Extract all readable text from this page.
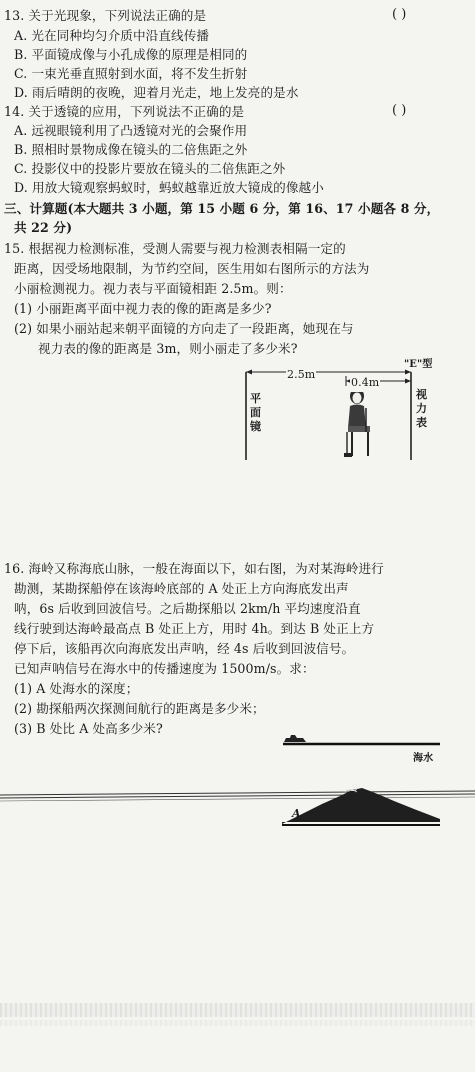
13. 关于光现象，下列说法正确的是	( )
A. 光在同种均匀介质中沿直线传播
B. 平面镜成像与小孔成像的原理是相同的
C. 一束光垂直照射到水面，将不发生折射
D. 雨后晴朗的夜晚，迎着月光走，地上发亮的是水
14. 关于透镜的应用，下列说法不正确的是	( )
A. 远视眼镜利用了凸透镜对光的会聚作用
B. 照相时景物成像在镜头的二倍焦距之外
C. 投影仪中的投影片要放在镜头的二倍焦距之外
D. 用放大镜观察蚂蚁时，蚂蚁越靠近放大镜成的像越小
三、计算题(本大题共 3 小题，第 15 小题 6 分，第 16、17 小题各 8 分，
共 22 分)
15. 根据视力检测标准，受测人需要与视力检测表相隔一定的
距离，因受场地限制，为节约空间，医生用如右图所示的方法为
小丽检测视力。视力表与平面镜相距 2.5m。则：
(1) 小丽距离平面中视力表的像的距离是多少?
(2) 如果小丽站起来朝平面镜的方向走了一段距离，她现在与
视力表的像的距离是 3m，则小丽走了多少米?
2.5m
0.4m
"E"型
平面镜
视力表
16. 海岭又称海底山脉，一般在海面以下，如右图，为对某海岭进行
勘测，某勘探船停在该海岭底部的 A 处正上方向海底发出声
呐，6s 后收到回波信号。之后勘探船以 2km/h 平均速度沿直
线行驶到达海岭最高点 B 处正上方，用时 4h。到达 B 处正上方
停下后，该船再次向海底发出声呐，经 4s 后收到回波信号。
已知声呐信号在海水中的传播速度为 1500m/s。求：
(1) A 处海水的深度；
(2) 勘探船两次探测间航行的距离是多少米；
(3) B 处比 A 处高多少米?
海水
A
B
